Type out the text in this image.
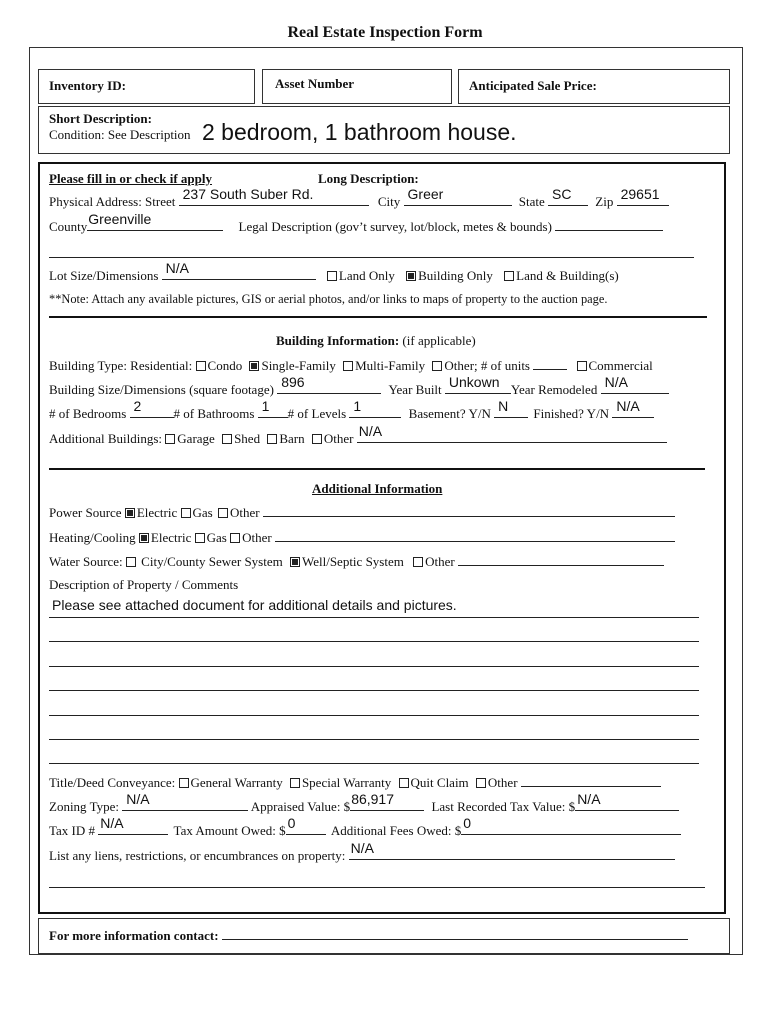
Real Estate Inspection Form
Inventory ID:	Asset Number	Anticipated Sale Price:
Short Description:
Condition: See Description 2 bedroom, 1 bathroom house.
Please fill in or check if apply	Long Description:
Physical Address: Street 237 South Suber Rd.	City Greer	State SC Zip 29651
County Greenville	Legal Description (gov’t survey, lot/block, metes & bounds)
Lot Size/Dimensions N/A	Land Only Building Only Land & Building(s)
**Note: Attach any available pictures, GIS or aerial photos, and/or links to maps of property to the auction page.
Building Information: (if applicable)
Building Type: Residential: Condo Single-Family Multi-Family Other; # of units	Commercial
Building Size/Dimensions (square footage) 896	Year Built Unkown Year Remodeled N/A
# of Bedrooms 2 # of Bathrooms 1 # of Levels 1	Basement? Y/N N Finished? Y/N N/A
Additional Buildings: Garage Shed Barn Other N/A
Additional Information
Power Source Electric Gas Other
Heating/Cooling Electric Gas Other
Water Source: City/County Sewer System Well/Septic System Other
Description of Property / Comments
Please see attached document for additional details and pictures.
Title/Deed Conveyance: General Warranty Special Warranty Quit Claim Other
Zoning Type: N/A	Appraised Value: $ 86,917	Last Recorded Tax Value: $ N/A
Tax ID # N/A	Tax Amount Owed: $ 0	Additional Fees Owed: $ 0
List any liens, restrictions, or encumbrances on property: N/A
For more information contact:
